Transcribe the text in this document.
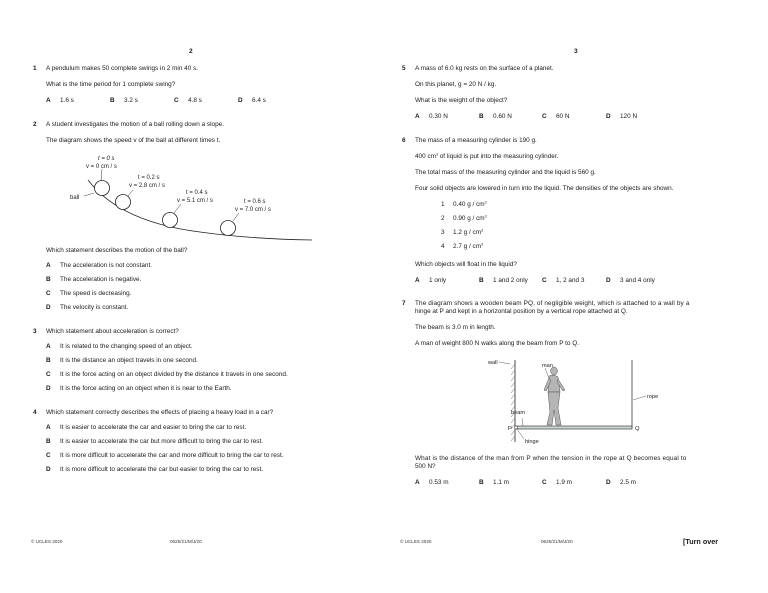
2
1 A pendulum makes 50 complete swings in 2 min 40 s.
What is the time period for 1 complete swing?
A 1.6 s	B 3.2 s	C 4.8 s	D 6.4 s
2 A student investigates the motion of a ball rolling down a slope.
The diagram shows the speed v of the ball at different times t.
t = 0 s
v = 0 cm / s
ball
t = 0.2 s
v = 2.8 cm / s
t = 0.4 s
v = 5.1 cm / s	t = 0.6 s
v = 7.0 cm / s
Which statement describes the motion of the ball?
A The acceleration is not constant.
B The acceleration is negative.
C The speed is decreasing.
D The velocity is constant.
3 Which statement about acceleration is correct?
A It is related to the changing speed of an object.
B It is the distance an object travels in one second.
C It is the force acting on an object divided by the distance it travels in one second.
D It is the force acting on an object when it is near to the Earth.
4 Which statement correctly describes the effects of placing a heavy load in a car?
A It is easier to accelerate the car and easier to bring the car to rest.
B It is easier to accelerate the car but more difficult to bring the car to rest.
C It is more difficult to accelerate the car and more difficult to bring the car to rest.
D It is more difficult to accelerate the car but easier to bring the car to rest.
© UCLES 2020	0625/21/M/J/20
3
5 A mass of 6.0 kg rests on the surface of a planet.
On this planet, g = 20 N / kg.
What is the weight of the object?
A 0.30 N	B 0.60 N	C 60 N	D 120 N
6 The mass of a measuring cylinder is 190 g.
400 $cm^3$ of liquid is put into the measuring cylinder.
The total mass of the measuring cylinder and the liquid is 560 g.
Four solid objects are lowered in turn into the liquid. The densities of the objects are shown.
1 0.40 g / $cm^3$
2 0.90 g / $cm^3$
3 1.2 g / $cm^3$
4 2.7 g / $cm^3$
Which objects will float in the liquid?
A 1 only	B 1 and 2 only C 1, 2 and 3	D 3 and 4 only
7 The diagram shows a wooden beam PQ, of negligible weight, which is attached to a wall by a
hinge at P and kept in a horizontal position by a vertical rope attached at Q.
The beam is 3.0 m in length.
A man of weight 800 N walks along the beam from P to Q.
wall	man
rope
beam
P	Q
hinge
What is the distance of the man from P when the tension in the rope at Q becomes equal to
500 N?
A 0.53 m	B 1.1 m	C 1.9 m	D 2.5 m
© UCLES 2020	0625/21/M/J/20	[Turn over
